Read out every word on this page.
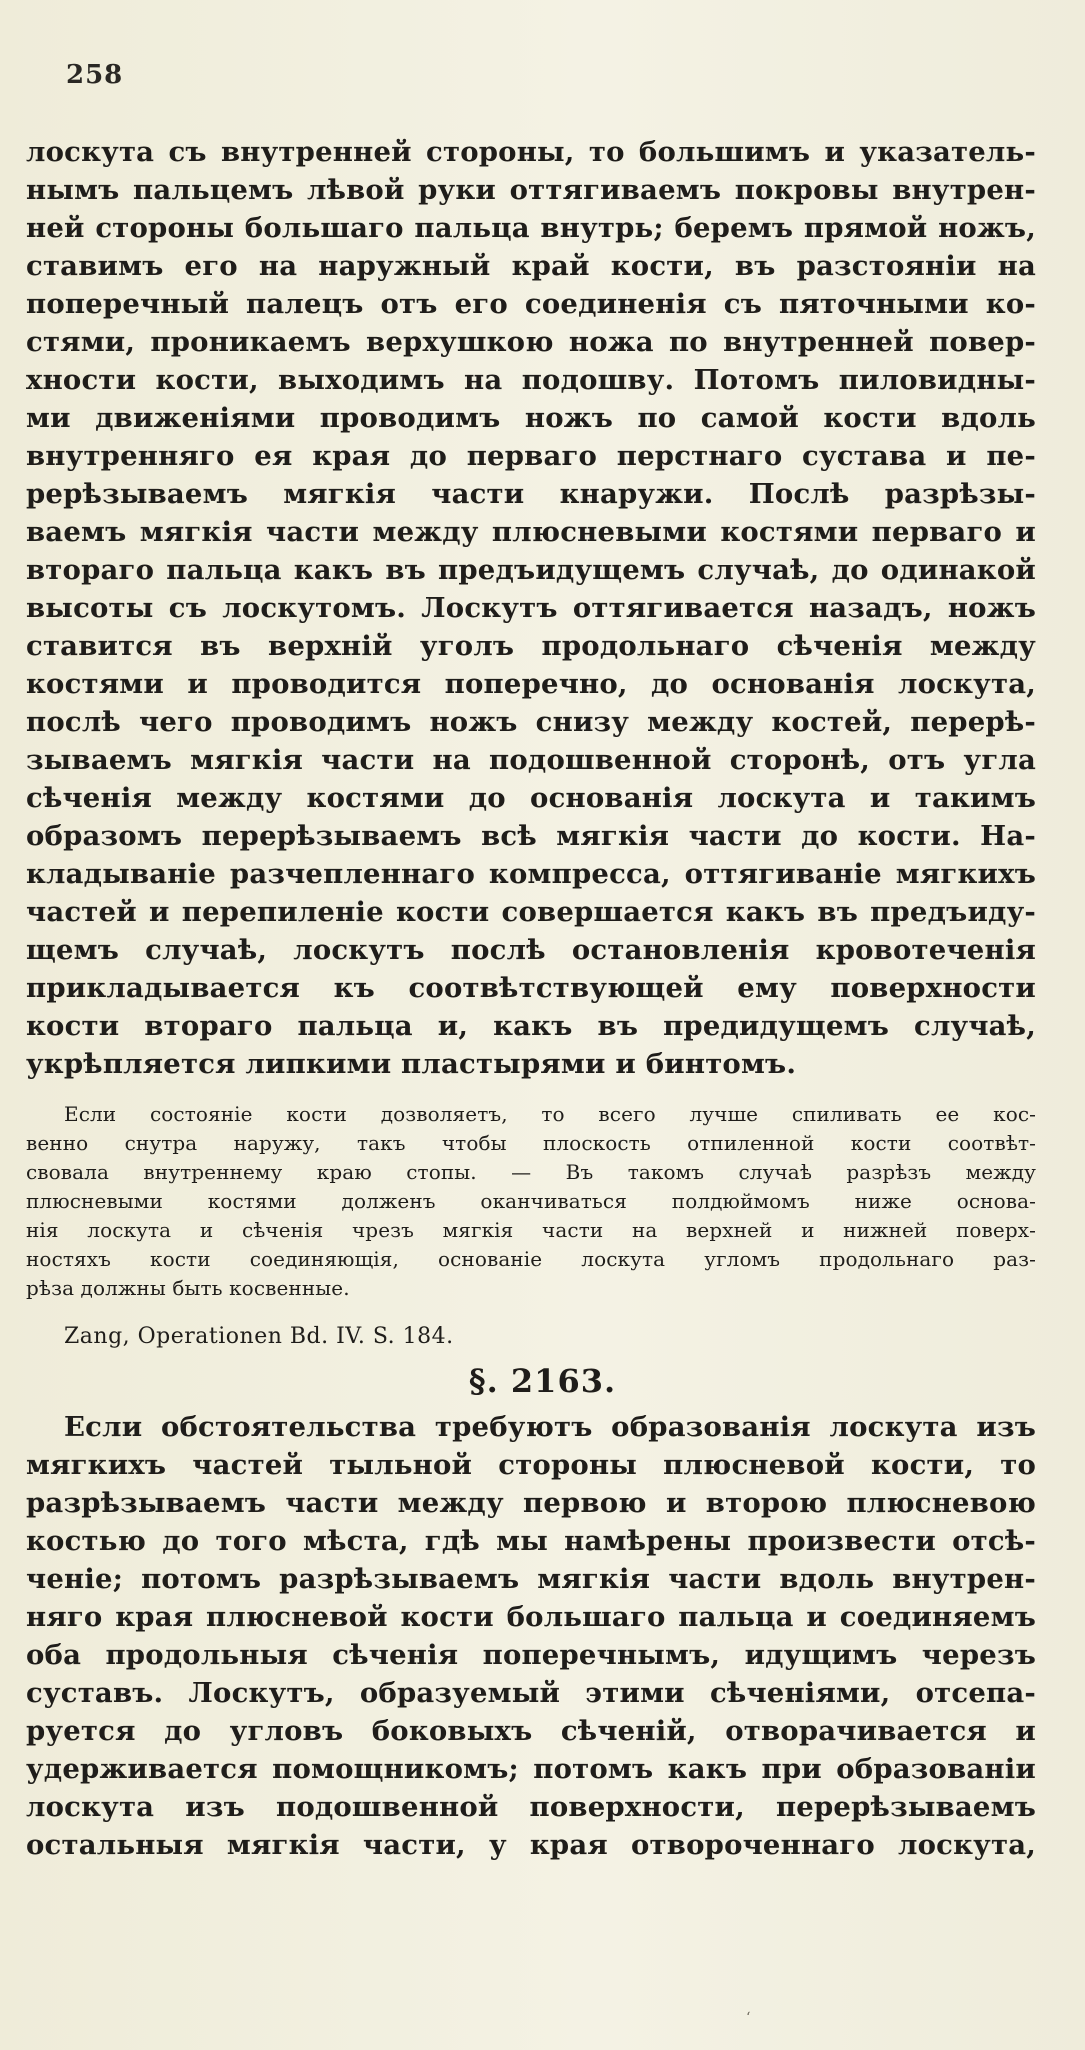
258
лоскута съ внутренней стороны, то большимъ и указатель-
нымъ пальцемъ лѣвой руки оттягиваемъ покровы внутрен-
ней стороны большаго пальца внутрь; беремъ прямой ножъ,
ставимъ его на наружный край кости, въ разстоянiи на
поперечный палецъ отъ его соединенiя съ пяточными ко-
стями, проникаемъ верхушкою ножа по внутренней повер-
хности кости, выходимъ на подошву. Потомъ пиловидны-
ми движенiями проводимъ ножъ по самой кости вдоль
внутренняго ея края до перваго перстнаго сустава и пе-
рерѣзываемъ мягкiя части кнаружи. Послѣ разрѣзы-
ваемъ мягкiя части между плюсневыми костями перваго и
втораго пальца какъ въ предъидущемъ случаѣ, до одинакой
высоты съ лоскутомъ. Лоскутъ оттягивается назадъ, ножъ
ставится въ верхнiй уголъ продольнаго сѣченiя между
костями и проводится поперечно, до основанiя лоскута,
послѣ чего проводимъ ножъ снизу между костей, перерѣ-
зываемъ мягкiя части на подошвенной сторонѣ, отъ угла
сѣченiя между костями до основанiя лоскута и такимъ
образомъ перерѣзываемъ всѣ мягкiя части до кости. На-
кладыванiе разчепленнаго компресса, оттягиванiе мягкихъ
частей и перепиленiе кости совершается какъ въ предъиду-
щемъ случаѣ, лоскутъ послѣ остановленiя кровотеченiя
прикладывается къ соотвѣтствующей ему поверхности
кости втораго пальца и, какъ въ предидущемъ случаѣ,
укрѣпляется липкими пластырями и бинтомъ.
Если состоянiе кости дозволяетъ, то всего лучше спиливать ее кос-
венно снутра наружу, такъ чтобы плоскость отпиленной кости соотвѣт-
свовала внутреннему краю стопы. — Въ такомъ случаѣ разрѣзъ между
плюсневыми костями долженъ оканчиваться полдюймомъ ниже основа-
нiя лоскута и сѣченiя чрезъ мягкiя части на верхней и нижней поверх-
ностяхъ кости соединяющiя, основанiе лоскута угломъ продольнаго раз-
рѣза должны быть косвенные.
Zang, Operationen Bd. IV. S. 184.
§. 2163.
Если обстоятельства требуютъ образованiя лоскута изъ
мягкихъ частей тыльной стороны плюсневой кости, то
разрѣзываемъ части между первою и второю плюсневою
костью до того мѣста, гдѣ мы намѣрены произвести отсѣ-
ченiе; потомъ разрѣзываемъ мягкiя части вдоль внутрен-
няго края плюсневой кости большаго пальца и соединяемъ
оба продольныя сѣченiя поперечнымъ, идущимъ черезъ
суставъ. Лоскутъ, образуемый этими сѣченiями, отсепа-
руется до угловъ боковыхъ сѣченiй, отворачивается и
удерживается помощникомъ; потомъ какъ при образованiи
лоскута изъ подошвенной поверхности, перерѣзываемъ
остальныя мягкiя части, у края отвороченнаго лоскута,
ʻ
